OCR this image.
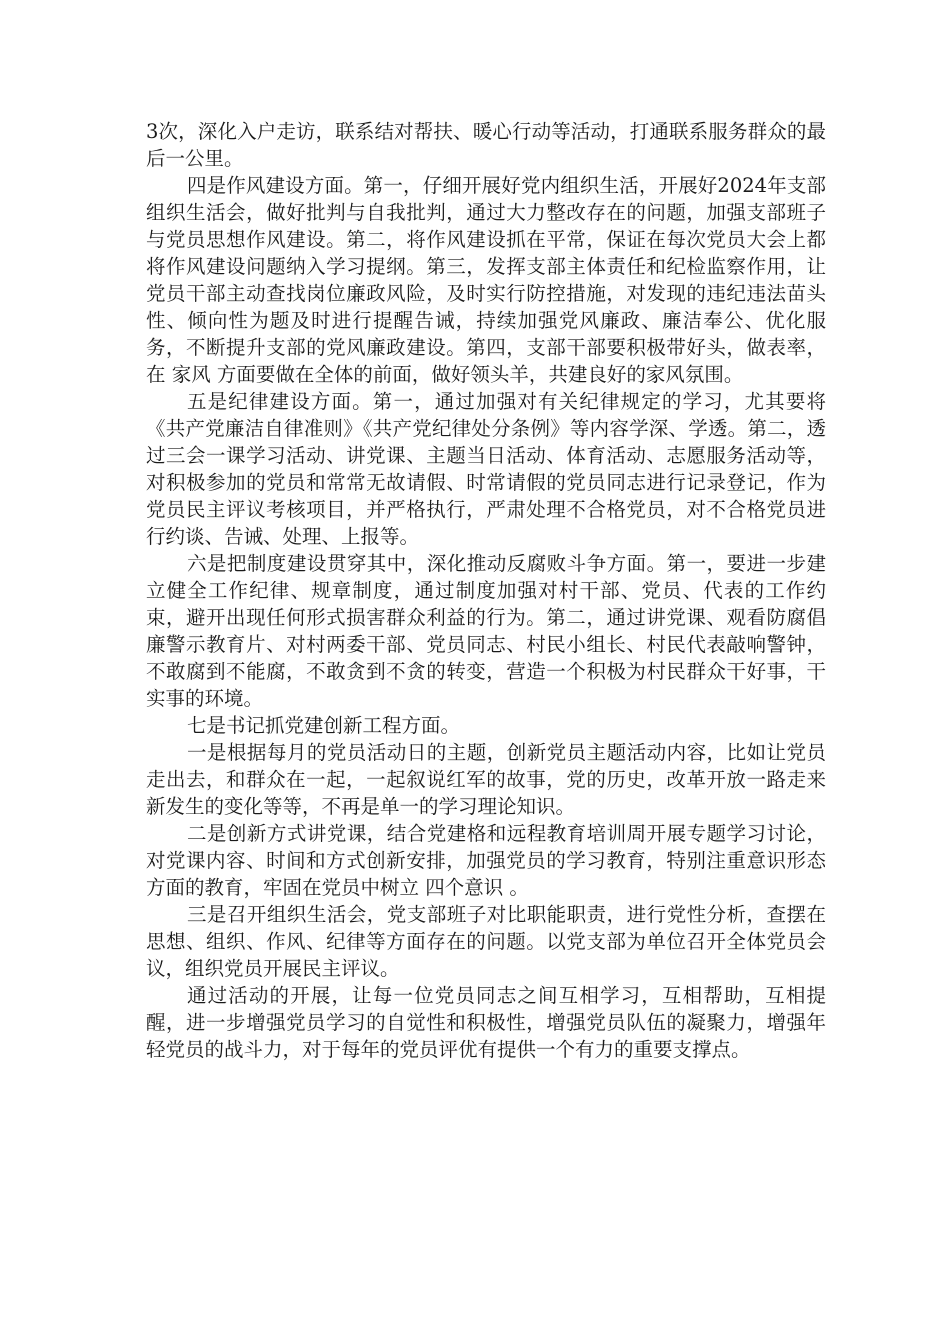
3次，深化入户走访，联系结对帮扶、暖心行动等活动，打通联系服务群众的最后一公里。

四是作风建设方面。第一，仔细开展好党内组织生活，开展好2024年支部组织生活会，做好批判与自我批判，通过大力整改存在的问题，加强支部班子与党员思想作风建设。第二，将作风建设抓在平常，保证在每次党员大会上都将作风建设问题纳入学习提纲。第三，发挥支部主体责任和纪检监察作用，让党员干部主动查找岗位廉政风险，及时实行防控措施，对发现的违纪违法苗头性、倾向性为题及时进行提醒告诫，持续加强党风廉政、廉洁奉公、优化服务，不断提升支部的党风廉政建设。第四，支部干部要积极带好头，做表率，在 家风 方面要做在全体的前面，做好领头羊，共建良好的家风氛围。

五是纪律建设方面。第一，通过加强对有关纪律规定的学习，尤其要将《共产党廉洁自律准则》《共产党纪律处分条例》等内容学深、学透。第二，透过三会一课学习活动、讲党课、主题当日活动、体育活动、志愿服务活动等，对积极参加的党员和常常无故请假、时常请假的党员同志进行记录登记，作为党员民主评议考核项目，并严格执行，严肃处理不合格党员，对不合格党员进行约谈、告诫、处理、上报等。

六是把制度建设贯穿其中，深化推动反腐败斗争方面。第一，要进一步建立健全工作纪律、规章制度，通过制度加强对村干部、党员、代表的工作约束，避开出现任何形式损害群众利益的行为。第二，通过讲党课、观看防腐倡廉警示教育片、对村两委干部、党员同志、村民小组长、村民代表敲响警钟，不敢腐到不能腐，不敢贪到不贪的转变，营造一个积极为村民群众干好事，干实事的环境。

七是书记抓党建创新工程方面。

一是根据每月的党员活动日的主题，创新党员主题活动内容，比如让党员走出去，和群众在一起，一起叙说红军的故事，党的历史，改革开放一路走来新发生的变化等等，不再是单一的学习理论知识。

二是创新方式讲党课，结合党建格和远程教育培训周开展专题学习讨论，对党课内容、时间和方式创新安排，加强党员的学习教育，特别注重意识形态方面的教育，牢固在党员中树立 四个意识 。

三是召开组织生活会，党支部班子对比职能职责，进行党性分析，查摆在思想、组织、作风、纪律等方面存在的问题。以党支部为单位召开全体党员会议，组织党员开展民主评议。

通过活动的开展，让每一位党员同志之间互相学习，互相帮助，互相提醒，进一步增强党员学习的自觉性和积极性，增强党员队伍的凝聚力，增强年轻党员的战斗力，对于每年的党员评优有提供一个有力的重要支撑点。
